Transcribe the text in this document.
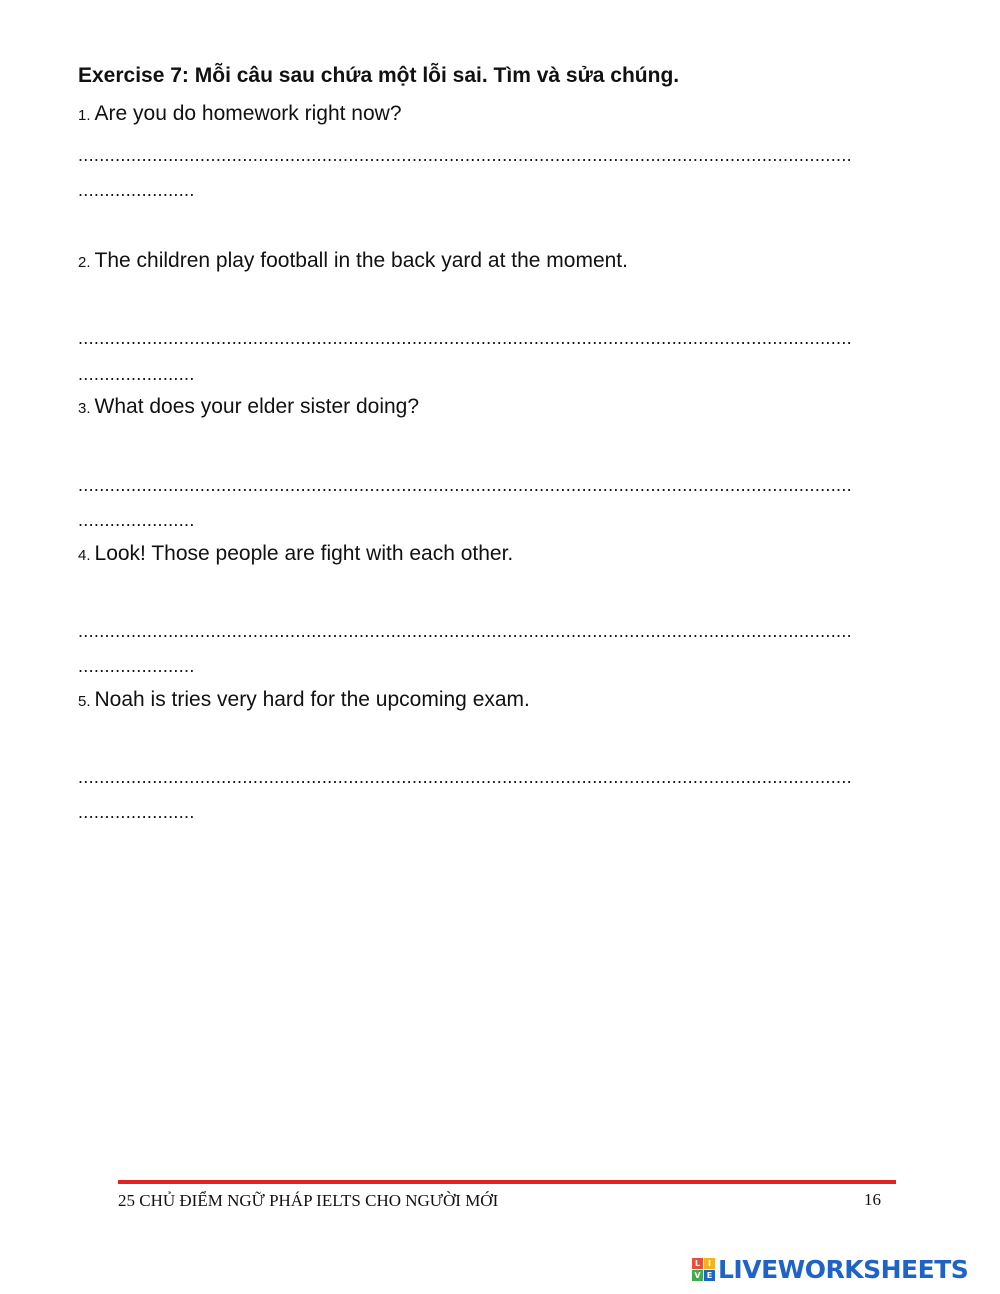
Exercise 7: Mỗi câu sau chứa một lỗi sai. Tìm và sửa chúng.
1. Are you do homework right now?
..................................................................................................................................................
......................
2. The children play football in the back yard at the moment.
..................................................................................................................................................
......................
3. What does your elder sister doing?
..................................................................................................................................................
......................
4. Look! Those people are fight with each other.
..................................................................................................................................................
......................
5. Noah is tries very hard for the upcoming exam.
..................................................................................................................................................
......................
25 CHỦ ĐIỂM NGỮ PHÁP IELTS CHO NGƯỜI MỚI	16
L I
V E LIVEWORKSHEETS
